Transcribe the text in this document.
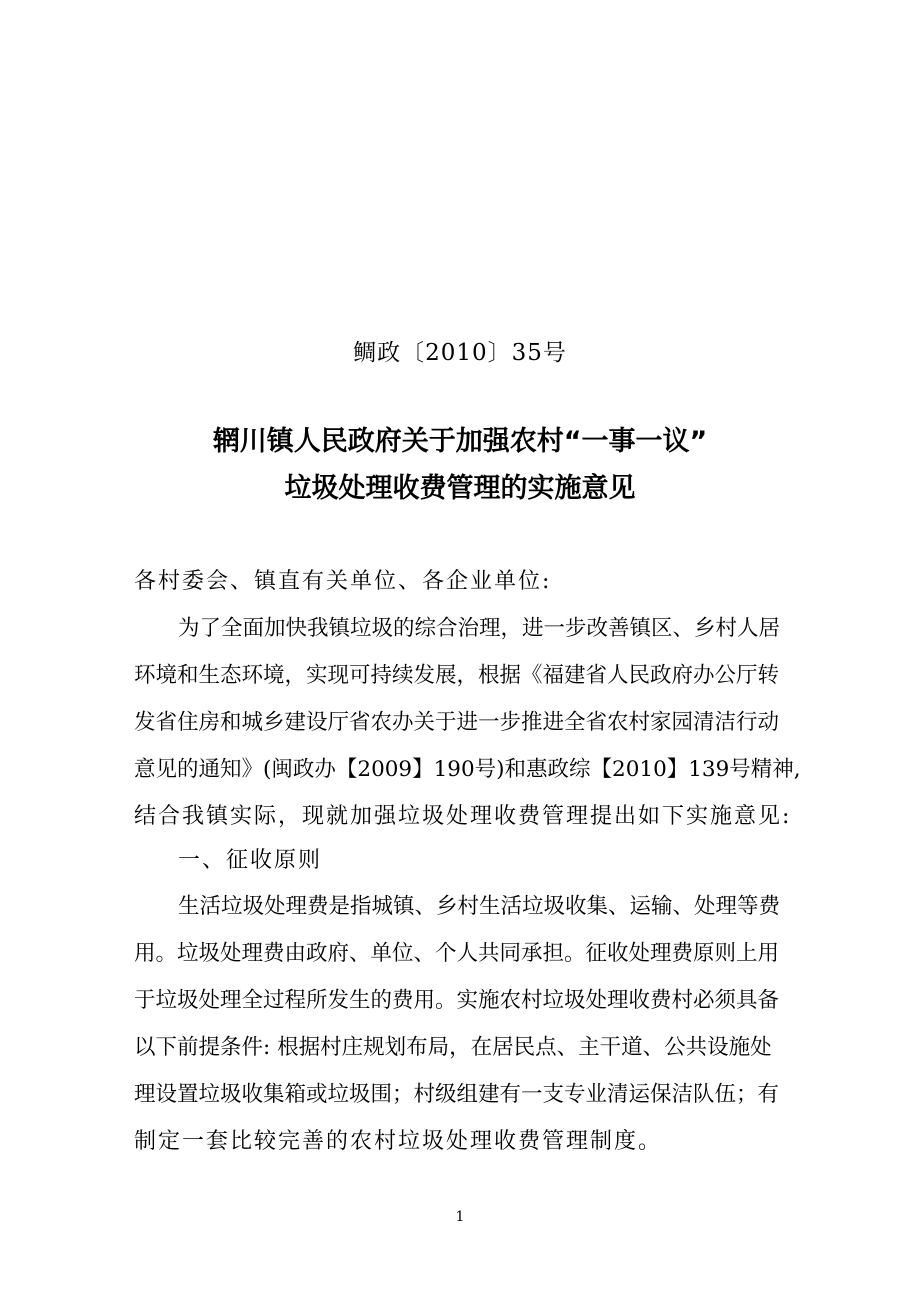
鲷政〔2010〕35号
辋川镇人民政府关于加强农村“一事一议”
垃圾处理收费管理的实施意见
各村委会、镇直有关单位、各企业单位:
为了全面加快我镇垃圾的综合治理，进一步改善镇区、乡村人居
环境和生态环境，实现可持续发展，根据《福建省人民政府办公厅转
发省住房和城乡建设厅省农办关于进一步推进全省农村家园清洁行动
意见的通知》(闽政办【2009】190号)和惠政综【2010】139号精神,
结合我镇实际，现就加强垃圾处理收费管理提出如下实施意见:
一、征收原则
生活垃圾处理费是指城镇、乡村生活垃圾收集、运输、处理等费
用。垃圾处理费由政府、单位、个人共同承担。征收处理费原则上用
于垃圾处理全过程所发生的费用。实施农村垃圾处理收费村必须具备
以下前提条件: 根据村庄规划布局，在居民点、主干道、公共设施处
理设置垃圾收集箱或垃圾围；村级组建有一支专业清运保洁队伍；有
制定一套比较完善的农村垃圾处理收费管理制度。
1
